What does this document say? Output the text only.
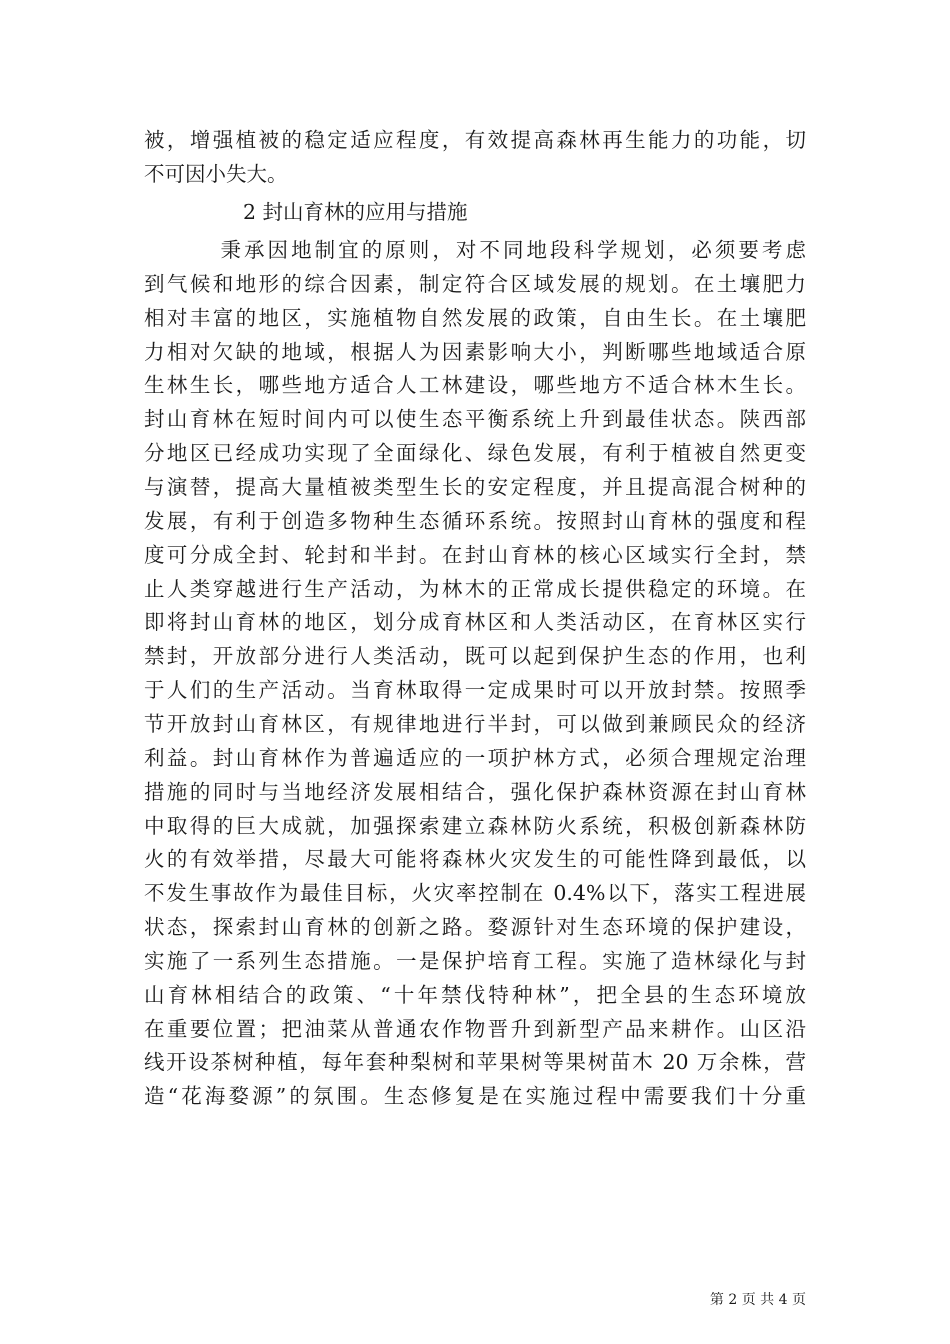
被，增强植被的稳定适应程度，有效提高森林再生能力的功能，切
不可因小失大。
2 封山育林的应用与措施
秉承因地制宜的原则，对不同地段科学规划，必须要考虑
到气候和地形的综合因素，制定符合区域发展的规划。在土壤肥力
相对丰富的地区，实施植物自然发展的政策，自由生长。在土壤肥
力相对欠缺的地域，根据人为因素影响大小，判断哪些地域适合原
生林生长，哪些地方适合人工林建设，哪些地方不适合林木生长。
封山育林在短时间内可以使生态平衡系统上升到最佳状态。陕西部
分地区已经成功实现了全面绿化、绿色发展，有利于植被自然更变
与演替，提高大量植被类型生长的安定程度，并且提高混合树种的
发展，有利于创造多物种生态循环系统。按照封山育林的强度和程
度可分成全封、轮封和半封。在封山育林的核心区域实行全封，禁
止人类穿越进行生产活动，为林木的正常成长提供稳定的环境。在
即将封山育林的地区，划分成育林区和人类活动区，在育林区实行
禁封，开放部分进行人类活动，既可以起到保护生态的作用，也利
于人们的生产活动。当育林取得一定成果时可以开放封禁。按照季
节开放封山育林区，有规律地进行半封，可以做到兼顾民众的经济
利益。封山育林作为普遍适应的一项护林方式，必须合理规定治理
措施的同时与当地经济发展相结合，强化保护森林资源在封山育林
中取得的巨大成就，加强探索建立森林防火系统，积极创新森林防
火的有效举措，尽最大可能将森林火灾发生的可能性降到最低，以
不发生事故作为最佳目标，火灾率控制在 0.4%以下，落实工程进展
状态，探索封山育林的创新之路。婺源针对生态环境的保护建设，
实施了一系列生态措施。一是保护培育工程。实施了造林绿化与封
山育林相结合的政策、“十年禁伐特种林”，把全县的生态环境放
在重要位置；把油菜从普通农作物晋升到新型产品来耕作。山区沿
线开设茶树种植，每年套种梨树和苹果树等果树苗木 20 万余株，营
造“花海婺源”的氛围。生态修复是在实施过程中需要我们十分重
第 2 页 共 4 页
